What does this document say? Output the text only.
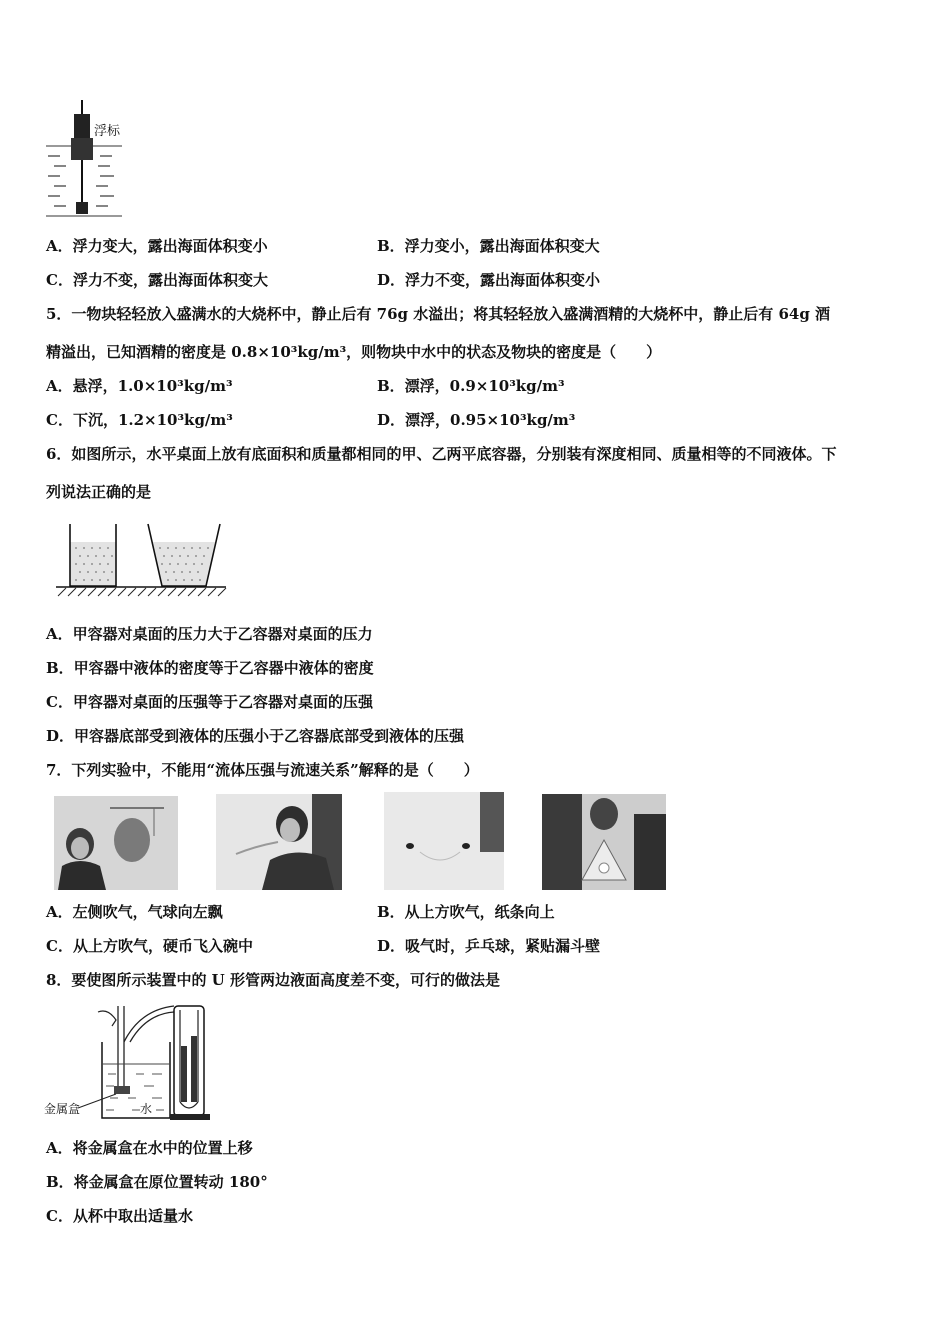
浮标
A．浮力变大，露出海面体积变小	B．浮力变小，露出海面体积变大
C．浮力不变，露出海面体积变大	D．浮力不变，露出海面体积变小
5．一物块轻轻放入盛满水的大烧杯中，静止后有 76g 水溢出；将其轻轻放入盛满酒精的大烧杯中，静止后有 64g 酒
精溢出，已知酒精的密度是 0.8×10³kg/m³，则物块中水中的状态及物块的密度是（　　）
A．悬浮，1.0×10³kg/m³	B．漂浮，0.9×10³kg/m³
C．下沉，1.2×10³kg/m³	D．漂浮，0.95×10³kg/m³
6．如图所示，水平桌面上放有底面积和质量都相同的甲、乙两平底容器，分别装有深度相同、质量相等的不同液体。下
列说法正确的是
A．甲容器对桌面的压力大于乙容器对桌面的压力
B．甲容器中液体的密度等于乙容器中液体的密度
C．甲容器对桌面的压强等于乙容器对桌面的压强
D．甲容器底部受到液体的压强小于乙容器底部受到液体的压强
7．下列实验中，不能用“流体压强与流速关系”解释的是（　　）
A．左侧吹气，气球向左飘	B．从上方吹气，纸条向上
C．从上方吹气，硬币飞入碗中	D．吸气时，乒乓球，紧贴漏斗壁
8．要使图所示装置中的 U 形管两边液面高度差不变，可行的做法是
金属盒	水
A．将金属盒在水中的位置上移
B．将金属盒在原位置转动 180°
C．从杯中取出适量水
